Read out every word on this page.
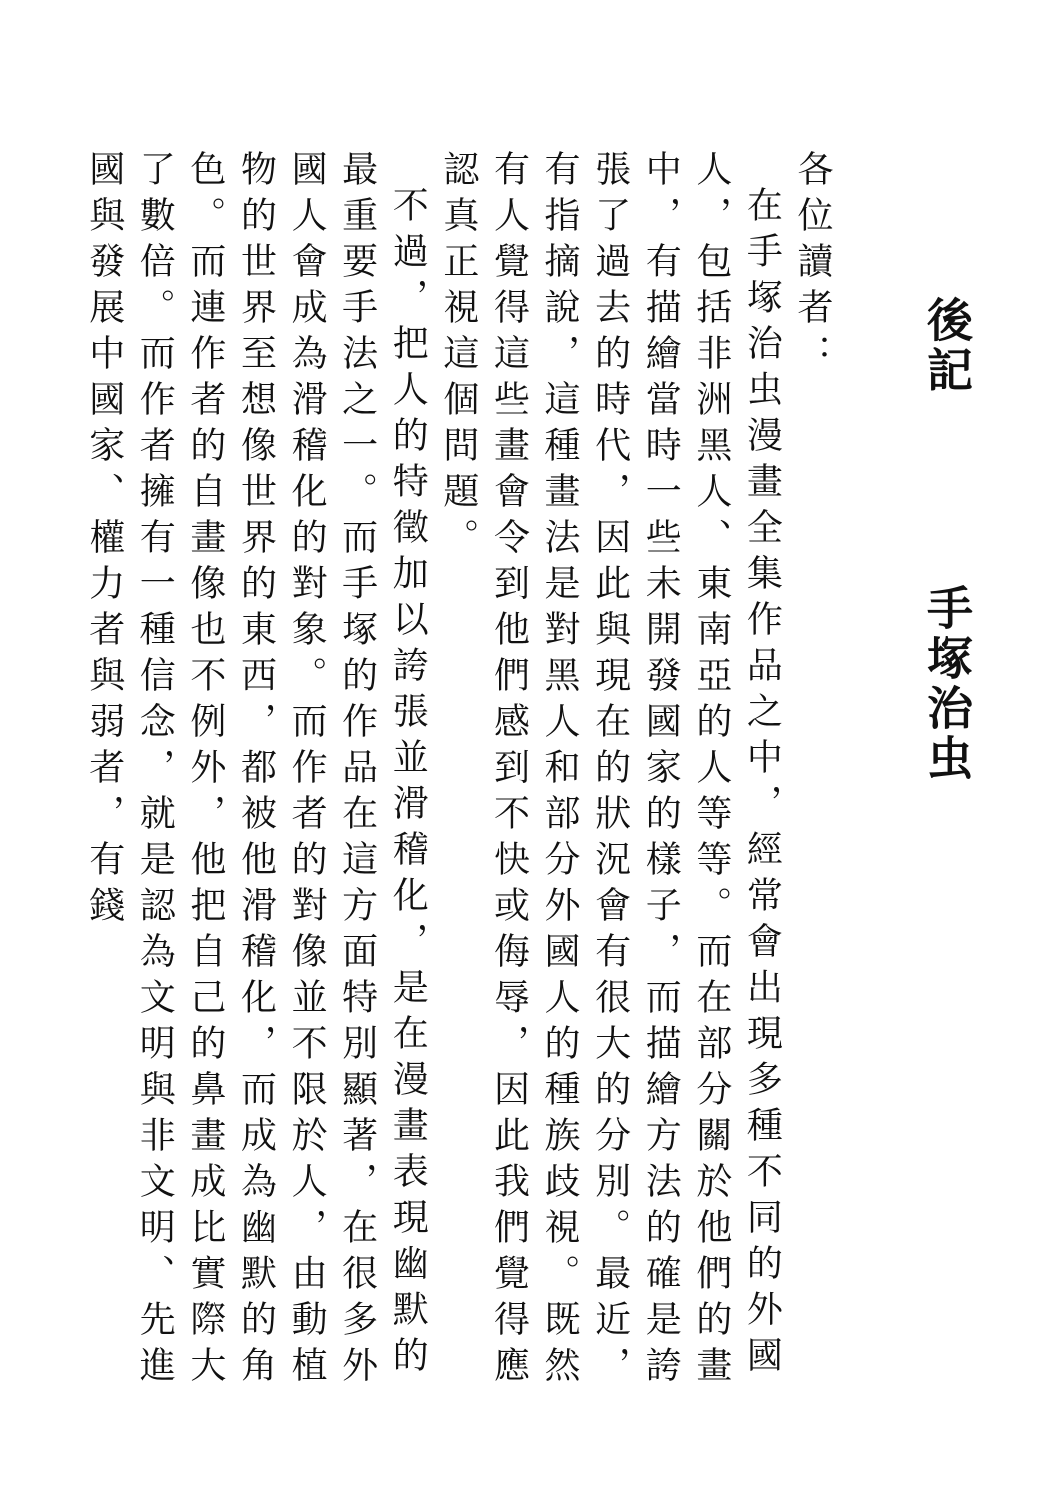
後記 手塚治虫

各位讀者：

在手塚治虫漫畫全集作品之中，經常會出現多種不同的外國人，包括非洲黑人、東南亞的人等等。而在部分關於他們的畫中，有描繪當時一些未開發國家的樣子，而描繪方法的確是誇張了過去的時代，因此與現在的狀況會有很大的分別。最近，有指摘說，這種畫法是對黑人和部分外國人的種族歧視。既然有人覺得這些畫會令到他們感到不快或侮辱，因此我們覺得應認真正視這個問題。

不過，把人的特徵加以誇張並滑稽化，是在漫畫表現幽默的最重要手法之一。而手塚的作品在這方面特別顯著，在很多外國人會成為滑稽化的對象。而作者的對像並不限於人，由動植物的世界至想像世界的東西，都被他滑稽化，而成為幽默的角色。而連作者的自畫像也不例外，他把自己的鼻畫成比實際大了數倍。而作者擁有一種信念，就是認為文明與非文明、先進國與發展中國家、權力者與弱者，有錢
